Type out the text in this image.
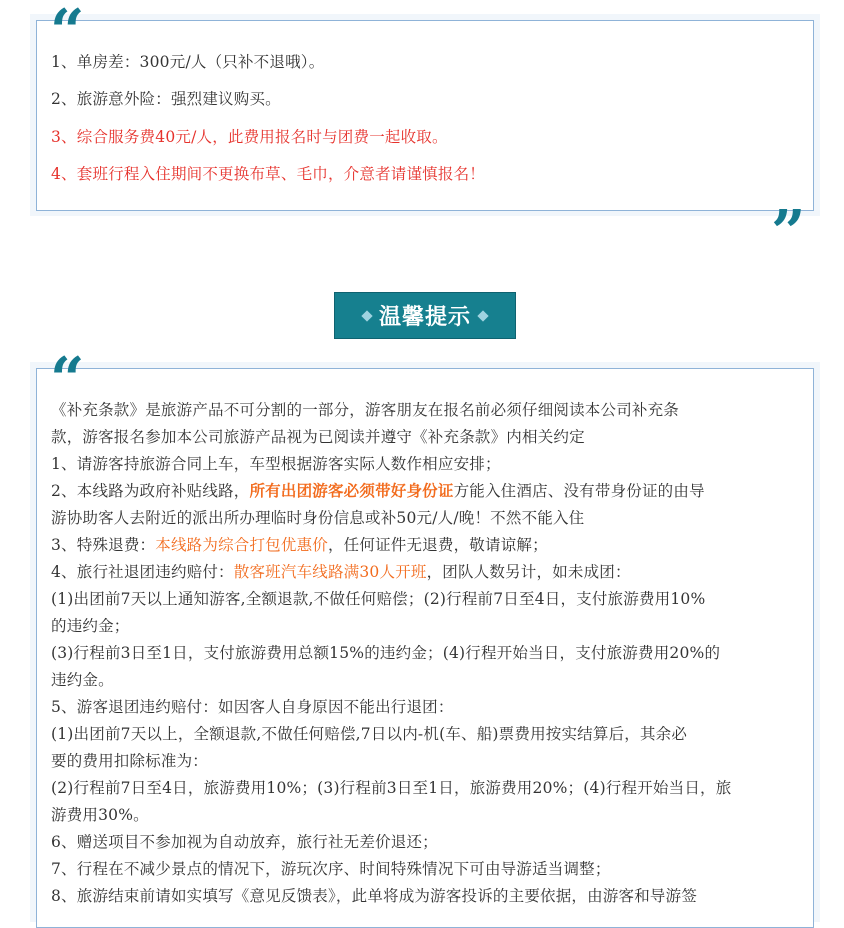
“
”
1、单房差：300元/人（只补不退哦）。
2、旅游意外险：强烈建议购买。
3、综合服务费40元/人，此费用报名时与团费一起收取。
4、套班行程入住期间不更换布草、毛巾，介意者请谨慎报名！
温馨提示
“
《补充条款》是旅游产品不可分割的一部分，游客朋友在报名前必须仔细阅读本公司补充条
款，游客报名参加本公司旅游产品视为已阅读并遵守《补充条款》内相关约定
1、请游客持旅游合同上车，车型根据游客实际人数作相应安排；
2、本线路为政府补贴线路，所有出团游客必须带好身份证方能入住酒店、没有带身份证的由导
游协助客人去附近的派出所办理临时身份信息或补50元/人/晚！不然不能入住
3、特殊退费：本线路为综合打包优惠价，任何证件无退费，敬请谅解；
4、旅行社退团违约赔付：散客班汽车线路满30人开班，团队人数另计，如未成团：
(1)出团前7天以上通知游客,全额退款,不做任何赔偿；(2)行程前7日至4日，支付旅游费用10%
的违约金；
(3)行程前3日至1日，支付旅游费用总额15%的违约金；(4)行程开始当日，支付旅游费用20%的
违约金。
5、游客退团违约赔付：如因客人自身原因不能出行退团：
(1)出团前7天以上，全额退款,不做任何赔偿,7日以内-机(车、船)票费用按实结算后，其余必
要的费用扣除标准为：
(2)行程前7日至4日，旅游费用10%；(3)行程前3日至1日，旅游费用20%；(4)行程开始当日，旅
游费用30%。
6、赠送项目不参加视为自动放弃，旅行社无差价退还；
7、行程在不减少景点的情况下，游玩次序、时间特殊情况下可由导游适当调整；
8、旅游结束前请如实填写《意见反馈表》，此单将成为游客投诉的主要依据，由游客和导游签
